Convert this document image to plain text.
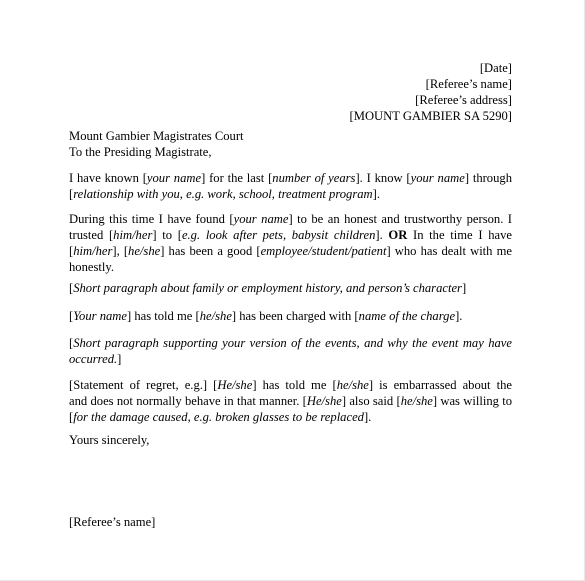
[Date]
[Referee’s name]
[Referee’s address]
[MOUNT GAMBIER SA 5290]
Mount Gambier Magistrates Court
To the Presiding Magistrate,
I have known [your name] for the last [number of years]. I know [your name] through
[relationship with you, e.g. work, school, treatment program].
During this time I have found [your name] to be an honest and trustworthy person. I
trusted [him/her] to [e.g. look after pets, babysit children]. OR In the time I have
[him/her], [he/she] has been a good [employee/student/patient] who has dealt with me
honestly.
[Short paragraph about family or employment history, and person’s character]
[Your name] has told me [he/she] has been charged with [name of the charge].
[Short paragraph supporting your version of the events, and why the event may have
occurred.]
[Statement of regret, e.g.] [He/she] has told me [he/she] is embarrassed about the
and does not normally behave in that manner. [He/she] also said [he/she] was willing to
[for the damage caused, e.g. broken glasses to be replaced].
Yours sincerely,
[Referee’s name]
